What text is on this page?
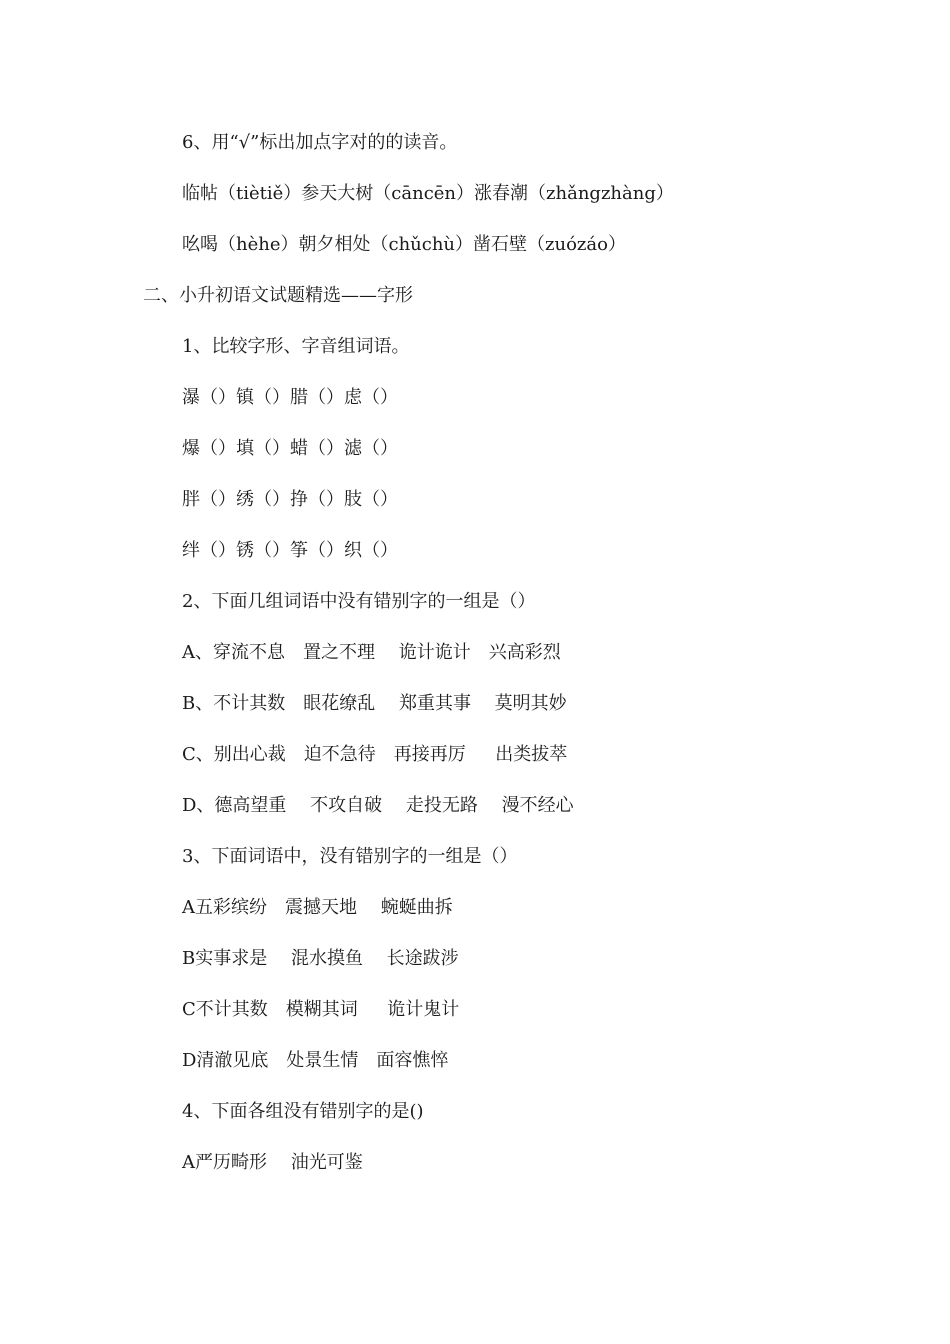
6、用“√”标出加点字对的的读音。
临帖（tiètiě）参天大树（cāncēn）涨春潮（zhǎngzhàng）
吆喝（hèhe）朝夕相处（chǔchù）凿石壁（zuózáo）
二、小升初语文试题精选——字形
1、比较字形、字音组词语。
瀑（）镇（）腊（）虑（）
爆（）填（）蜡（）滤（）
胖（）绣（）挣（）肢（）
绊（）锈（）筝（）织（）
2、下面几组词语中没有错别字的一组是（）
A、穿流不息　置之不理　 诡计诡计　兴高彩烈
B、不计其数　眼花缭乱　 郑重其事　 莫明其妙
C、别出心裁　迫不急待　再接再厉　  出类拔萃
D、德高望重　 不攻自破　 走投无路　 漫不经心
3、下面词语中，没有错别字的一组是（）
A五彩缤纷　震撼天地　 蜿蜒曲拆
B实事求是　 混水摸鱼　 长途跋涉
C不计其数　模糊其词　  诡计鬼计
D清澈见底　处景生情　面容憔悴
4、下面各组没有错别字的是()
A严历畸形　 油光可鉴
